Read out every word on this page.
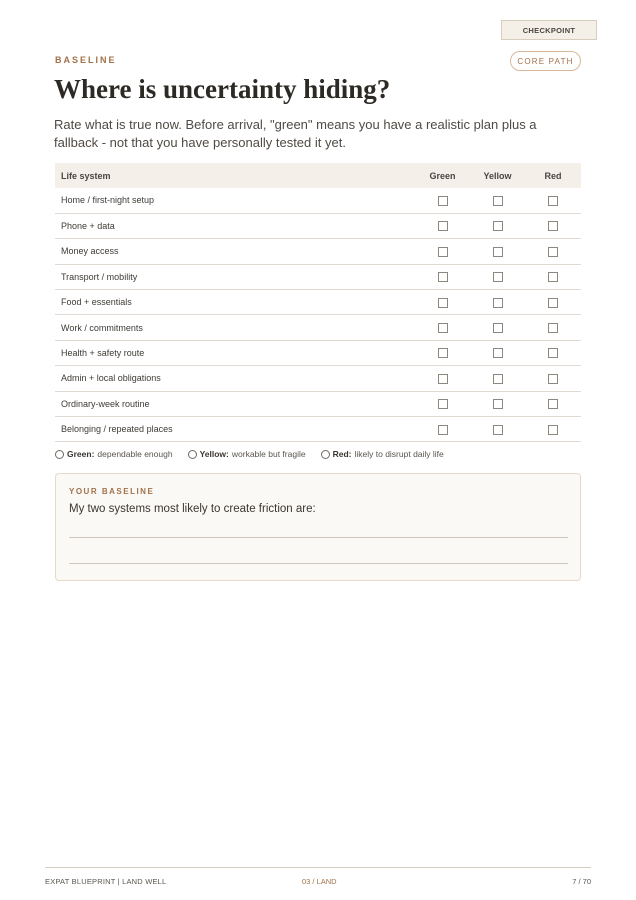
CHECKPOINT
BASELINE	CORE PATH
Where is uncertainty hiding?

Rate what is true now. Before arrival, "green" means you have a realistic plan plus a fallback - not that you have personally tested it yet.

Life system	Green	Yellow	Red
Home / first-night setup			
Phone + data			
Money access			
Transport / mobility			
Food + essentials			
Work / commitments			
Health + safety route			
Admin + local obligations			
Ordinary-week routine			
Belonging / repeated places			
Green: dependable enough	Yellow: workable but fragile	Red: likely to disrupt daily life
YOUR BASELINE
My two systems most likely to create friction are:
EXPAT BLUEPRINT | LAND WELL	03 / LAND	7 / 70
